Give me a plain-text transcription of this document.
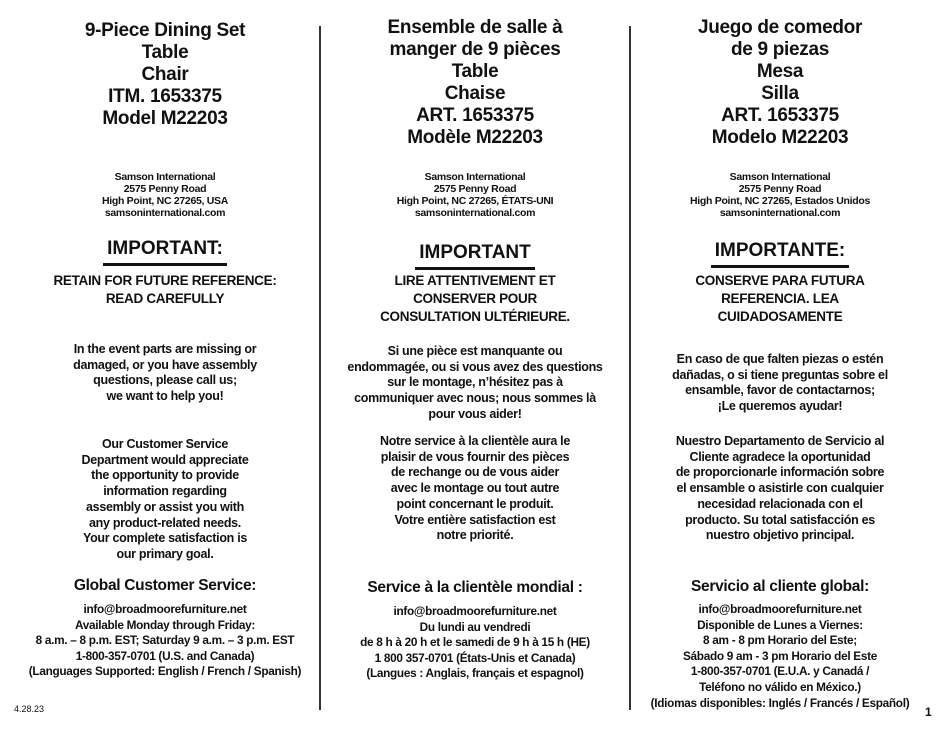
9-Piece Dining Set
Table
Chair
ITM. 1653375
Model M22203
Samson International
2575 Penny Road
High Point, NC 27265, USA
samsoninternational.com
IMPORTANT:
RETAIN FOR FUTURE REFERENCE:
READ CAREFULLY
In the event parts are missing or
damaged, or you have assembly
questions, please call us;
we want to help you!
Our Customer Service
Department would appreciate
the opportunity to provide
information regarding
assembly or assist you with
any product-related needs.
Your complete satisfaction is
our primary goal.
Global Customer Service:
info@broadmoorefurniture.net
Available Monday through Friday:
8 a.m. – 8 p.m. EST; Saturday 9 a.m. – 3 p.m. EST
1-800-357-0701 (U.S. and Canada)
(Languages Supported: English / French / Spanish)
Ensemble de salle à
manger de 9 pièces
Table
Chaise
ART. 1653375
Modèle M22203
Samson International
2575 Penny Road
High Point, NC 27265, ÉTATS-UNI
samsoninternational.com
IMPORTANT
LIRE ATTENTIVEMENT ET
CONSERVER POUR
CONSULTATION ULTÉRIEURE.
Si une pièce est manquante ou
endommagée, ou si vous avez des questions
sur le montage, n’hésitez pas à
communiquer avec nous; nous sommes là
pour vous aider!
Notre service à la clientèle aura le
plaisir de vous fournir des pièces
de rechange ou de vous aider
avec le montage ou tout autre
point concernant le produit.
Votre entière satisfaction est
notre priorité.
Service à la clientèle mondial :
info@broadmoorefurniture.net
Du lundi au vendredi
de 8 h à 20 h et le samedi de 9 h à 15 h (HE)
1 800 357-0701 (États-Unis et Canada)
(Langues : Anglais, français et espagnol)
Juego de comedor
de 9 piezas
Mesa
Silla
ART. 1653375
Modelo M22203
Samson International
2575 Penny Road
High Point, NC 27265, Estados Unidos
samsoninternational.com
IMPORTANTE:
CONSERVE PARA FUTURA
REFERENCIA. LEA
CUIDADOSAMENTE
En caso de que falten piezas o estén
dañadas, o si tiene preguntas sobre el
ensamble, favor de contactarnos;
¡Le queremos ayudar!
Nuestro Departamento de Servicio al
Cliente agradece la oportunidad
de proporcionarle información sobre
el ensamble o asistirle con cualquier
necesidad relacionada con el
producto. Su total satisfacción es
nuestro objetivo principal.
Servicio al cliente global:
info@broadmoorefurniture.net
Disponible de Lunes a Viernes:
8 am - 8 pm Horario del Este;
Sábado 9 am - 3 pm Horario del Este
1-800-357-0701 (E.U.A. y Canadá /
Teléfono no válido en México.)
(Idiomas disponibles: Inglés / Francés / Español)
4.28.23	1
